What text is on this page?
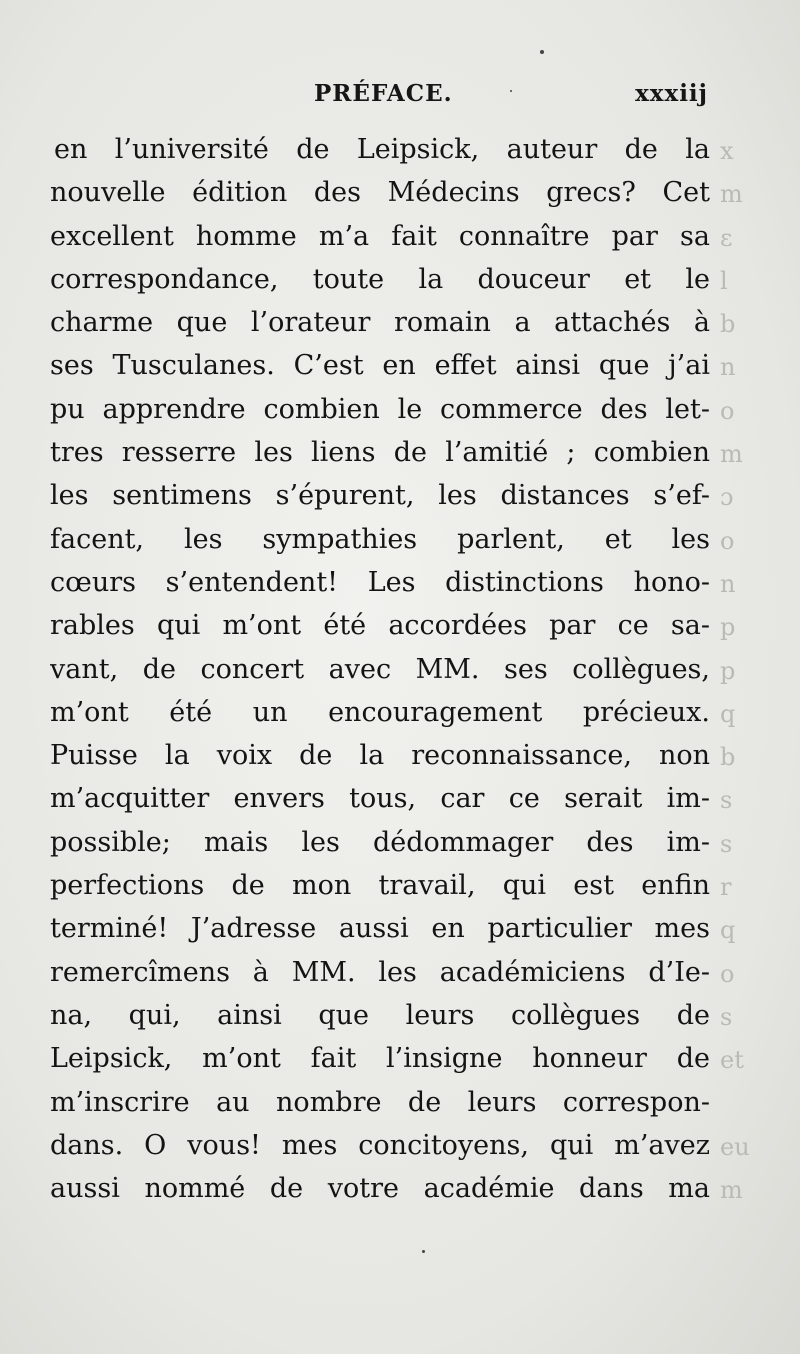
PRÉFACE.	xxxiij
x
m
ε
l
b
n
o
m
ɔ
o
n
p
p
q
b
s
s
r
q
o
s
et
eu
m
en l’université de Leipsick, auteur de la
nouvelle édition des Médecins grecs? Cet
excellent homme m’a fait connaître par sa
correspondance, toute la douceur et le
charme que l’orateur romain a attachés à
ses Tusculanes. C’est en effet ainsi que j’ai
pu apprendre combien le commerce des let-
tres resserre les liens de l’amitié ; combien
les sentimens s’épurent, les distances s’ef-
facent, les sympathies parlent, et les
cœurs s’entendent! Les distinctions hono-
rables qui m’ont été accordées par ce sa-
vant, de concert avec MM. ses collègues,
m’ont été un encouragement précieux.
Puisse la voix de la reconnaissance, non
m’acquitter envers tous, car ce serait im-
possible; mais les dédommager des im-
perfections de mon travail, qui est enfin
terminé! J’adresse aussi en particulier mes
remercîmens à MM. les académiciens d’Ie-
na, qui, ainsi que leurs collègues de
Leipsick, m’ont fait l’insigne honneur de
m’inscrire au nombre de leurs correspon-
dans. O vous! mes concitoyens, qui m’avez
aussi nommé de votre académie dans ma
